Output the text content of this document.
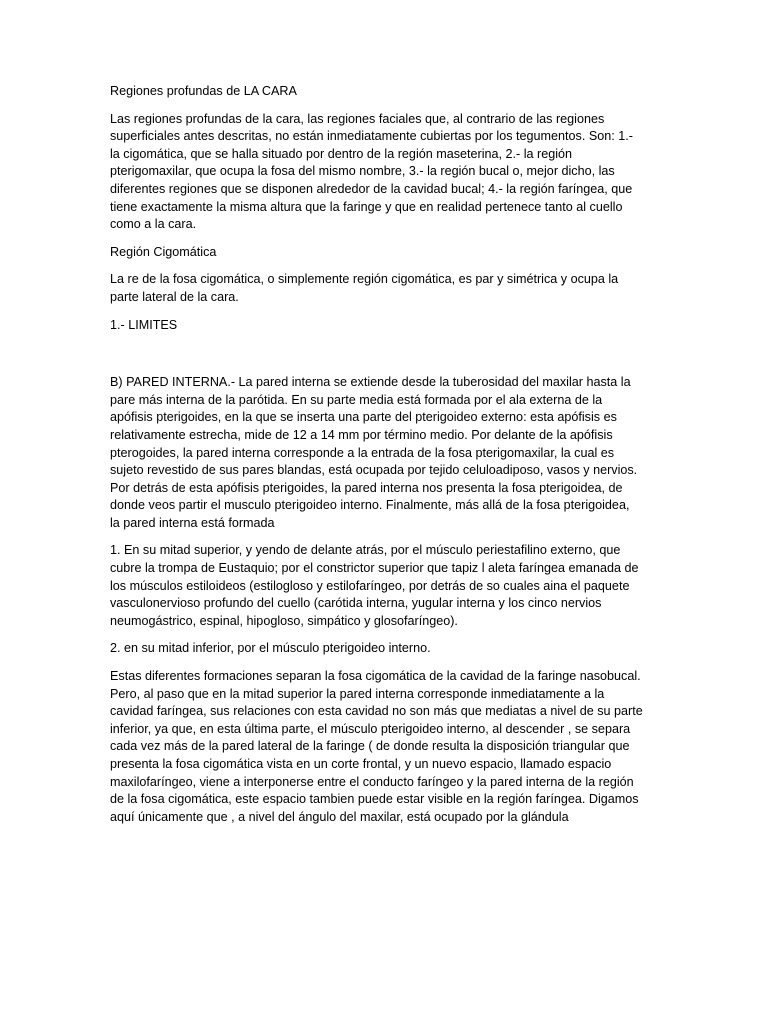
Regiones profundas de LA CARA

Las regiones profundas de la cara, las regiones faciales que, al contrario de las regiones

superficiales antes descritas, no están inmediatamente cubiertas por los tegumentos. Son: 1.-

la cigomática, que se halla situado por dentro de la región maseterina, 2.- la región

pterigomaxilar, que ocupa la fosa del mismo nombre, 3.- la región bucal o, mejor dicho, las

diferentes regiones que se disponen alrededor de la cavidad bucal; 4.- la región faríngea, que

tiene exactamente la misma altura que la faringe y que en realidad pertenece tanto al cuello

como a la cara.

Región Cigomática

La re de la fosa cigomática, o simplemente región cigomática, es par y simétrica y ocupa la

parte lateral de la cara.

1.- LIMITES

B) PARED INTERNA.- La pared interna se extiende desde la tuberosidad del maxilar hasta la

pare más interna de la parótida. En su parte media está formada por el ala externa de la

apófisis pterigoides, en la que se inserta una parte del pterigoideo externo: esta apófisis es

relativamente estrecha, mide de 12 a 14 mm por término medio. Por delante de la apófisis

pterogoides, la pared interna corresponde a la entrada de la fosa pterigomaxilar, la cual es

sujeto revestido de sus pares blandas, está ocupada por tejido celuloadiposo, vasos y nervios.

Por detrás de esta apófisis pterigoides, la pared interna nos presenta la fosa pterigoidea, de

donde veos partir el musculo pterigoideo interno. Finalmente, más allá de la fosa pterigoidea,

la pared interna está formada

1. En su mitad superior, y yendo de delante atrás, por el músculo periestafilino externo, que

cubre la trompa de Eustaquio; por el constrictor superior que tapiz l aleta faríngea emanada de

los músculos estiloideos (estilogloso y estilofaríngeo, por detrás de so cuales aina el paquete

vasculonervioso profundo del cuello (carótida interna, yugular interna y los cinco nervios

neumogástrico, espinal, hipogloso, simpático y glosofaríngeo).

2. en su mitad inferior, por el músculo pterigoideo interno.

Estas diferentes formaciones separan la fosa cigomática de la cavidad de la faringe nasobucal.

Pero, al paso que en la mitad superior la pared interna corresponde inmediatamente a la

cavidad faríngea, sus relaciones con esta cavidad no son más que mediatas a nivel de su parte

inferior, ya que, en esta última parte, el músculo pterigoideo interno, al descender , se separa

cada vez más de la pared lateral de la faringe ( de donde resulta la disposición triangular que

presenta la fosa cigomática vista en un corte frontal, y un nuevo espacio, llamado espacio

maxilofaríngeo, viene a interponerse entre el conducto faríngeo y la pared interna de la región

de la fosa cigomática, este espacio tambien puede estar visible en la región faríngea. Digamos

aquí únicamente que , a nivel del ángulo del maxilar, está ocupado por la glándula
